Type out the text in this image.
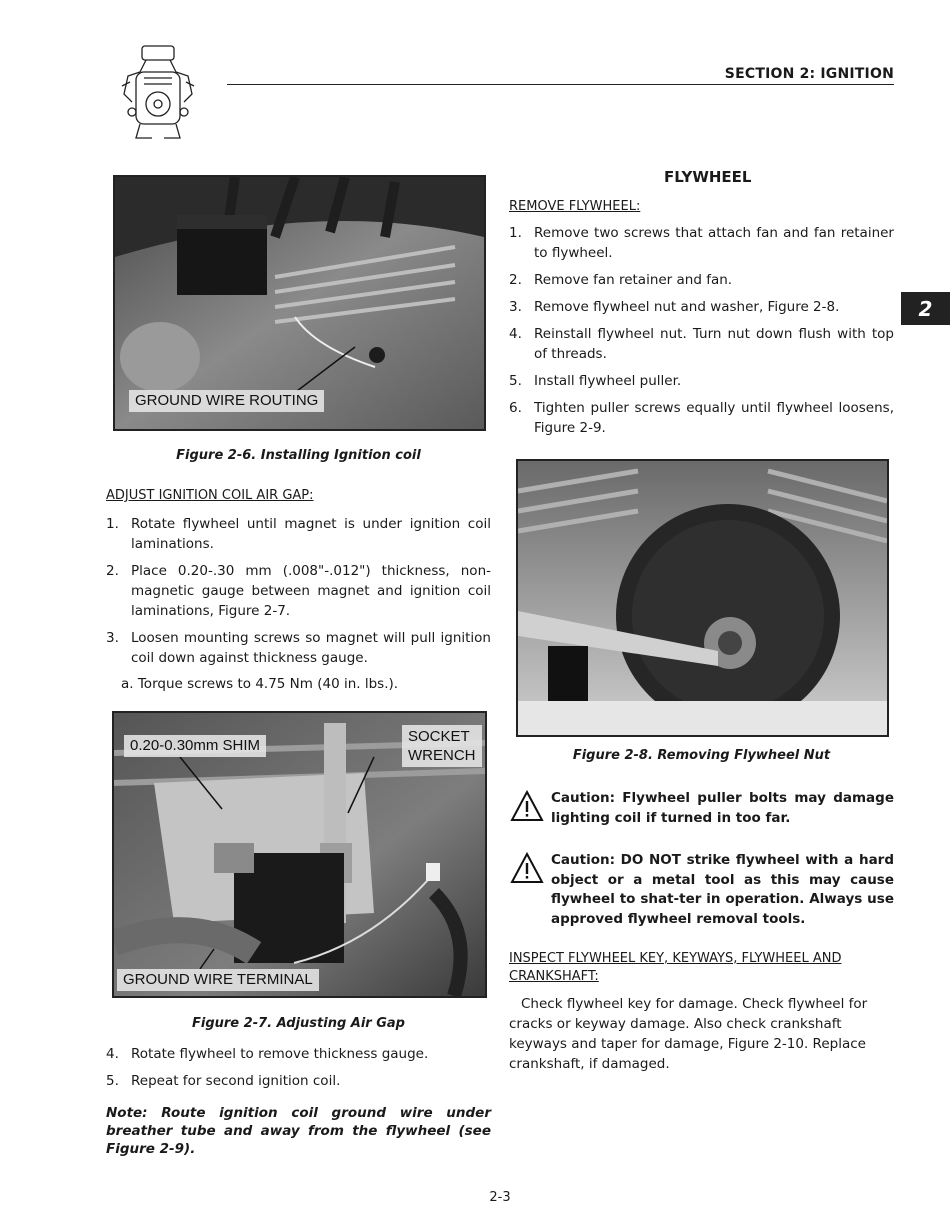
SECTION 2: IGNITION
2
GROUND WIRE ROUTING
Figure 2-6. Installing Ignition coil
ADJUST IGNITION COIL AIR GAP:
1. Rotate flywheel until magnet is under ignition coil laminations.
2. Place 0.20-.30 mm (.008"-.012") thickness, non-magnetic gauge between magnet and ignition coil laminations, Figure 2-7.
3. Loosen mounting screws so magnet will pull ignition coil down against thickness gauge.
a. Torque screws to 4.75 Nm (40 in. lbs.).
0.20-0.30mm SHIM
SOCKET
WRENCH
GROUND WIRE TERMINAL
Figure 2-7. Adjusting Air Gap
4. Rotate flywheel to remove thickness gauge.
5. Repeat for second ignition coil.
Note: Route ignition coil ground wire under breather tube and away from the flywheel (see Figure 2-9).
FLYWHEEL
REMOVE FLYWHEEL:
1. Remove two screws that attach fan and fan retainer to flywheel.
2. Remove fan retainer and fan.
3. Remove flywheel nut and washer, Figure 2-8.
4. Reinstall flywheel nut. Turn nut down flush with top of threads.
5. Install flywheel puller.
6. Tighten puller screws equally until flywheel loosens, Figure 2-9.
Figure 2-8. Removing Flywheel Nut
Caution: Flywheel puller bolts may damage lighting coil if turned in too far.
Caution: DO NOT strike flywheel with a hard object or a metal tool as this may cause flywheel to shat-ter in operation. Always use approved flywheel removal tools.
INSPECT FLYWHEEL KEY, KEYWAYS, FLYWHEEL AND
CRANKSHAFT:
Check flywheel key for damage. Check flywheel for cracks or keyway damage. Also check crankshaft keyways and taper for damage, Figure 2-10. Replace crankshaft, if damaged.
2-3
